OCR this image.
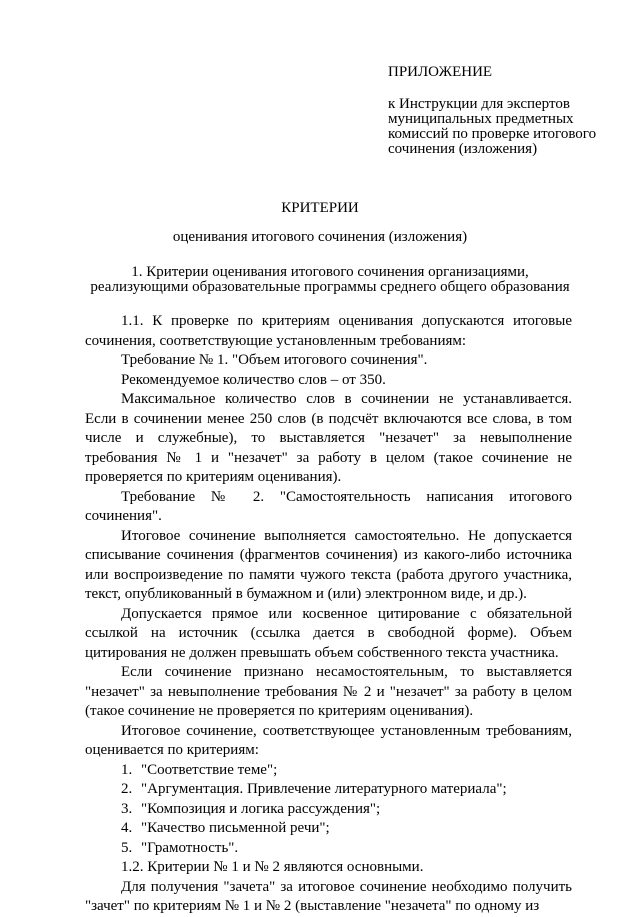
ПРИЛОЖЕНИЕ
к Инструкции для экспертов
муниципальных предметных
комиссий по проверке итогового
сочинения (изложения)
КРИТЕРИИ
оценивания итогового сочинения (изложения)
1. Критерии оценивания итогового сочинения организациями,
реализующими образовательные программы среднего общего образования

1.1. К проверке по критериям оценивания допускаются итоговые сочинения, соответствующие установленным требованиям:

Требование № 1. "Объем итогового сочинения".

Рекомендуемое количество слов – от 350.

Максимальное количество слов в сочинении не устанавливается. Если в сочинении менее 250 слов (в подсчёт включаются все слова, в том числе и служебные), то выставляется "незачет" за невыполнение требования № 1 и "незачет" за работу в целом (такое сочинение не проверяется по критериям оценивания).

Требование № 2. "Самостоятельность написания итогового сочинения".

Итоговое сочинение выполняется самостоятельно. Не допускается списывание сочинения (фрагментов сочинения) из какого-либо источника или воспроизведение по памяти чужого текста (работа другого участника, текст, опубликованный в бумажном и (или) электронном виде, и др.).

Допускается прямое или косвенное цитирование с обязательной ссылкой на источник (ссылка дается в свободной форме). Объем цитирования не должен превышать объем собственного текста участника.

Если сочинение признано несамостоятельным, то выставляется "незачет" за невыполнение требования № 2 и "незачет" за работу в целом (такое сочинение не проверяется по критериям оценивания).

Итоговое сочинение, соответствующее установленным требованиям, оценивается по критериям:

1. "Соответствие теме";
2. "Аргументация. Привлечение литературного материала";
3. "Композиция и логика рассуждения";
4. "Качество письменной речи";
5. "Грамотность".

1.2. Критерии № 1 и № 2 являются основными.

Для получения "зачета" за итоговое сочинение необходимо получить "зачет" по критериям № 1 и № 2 (выставление "незачета" по одному из
